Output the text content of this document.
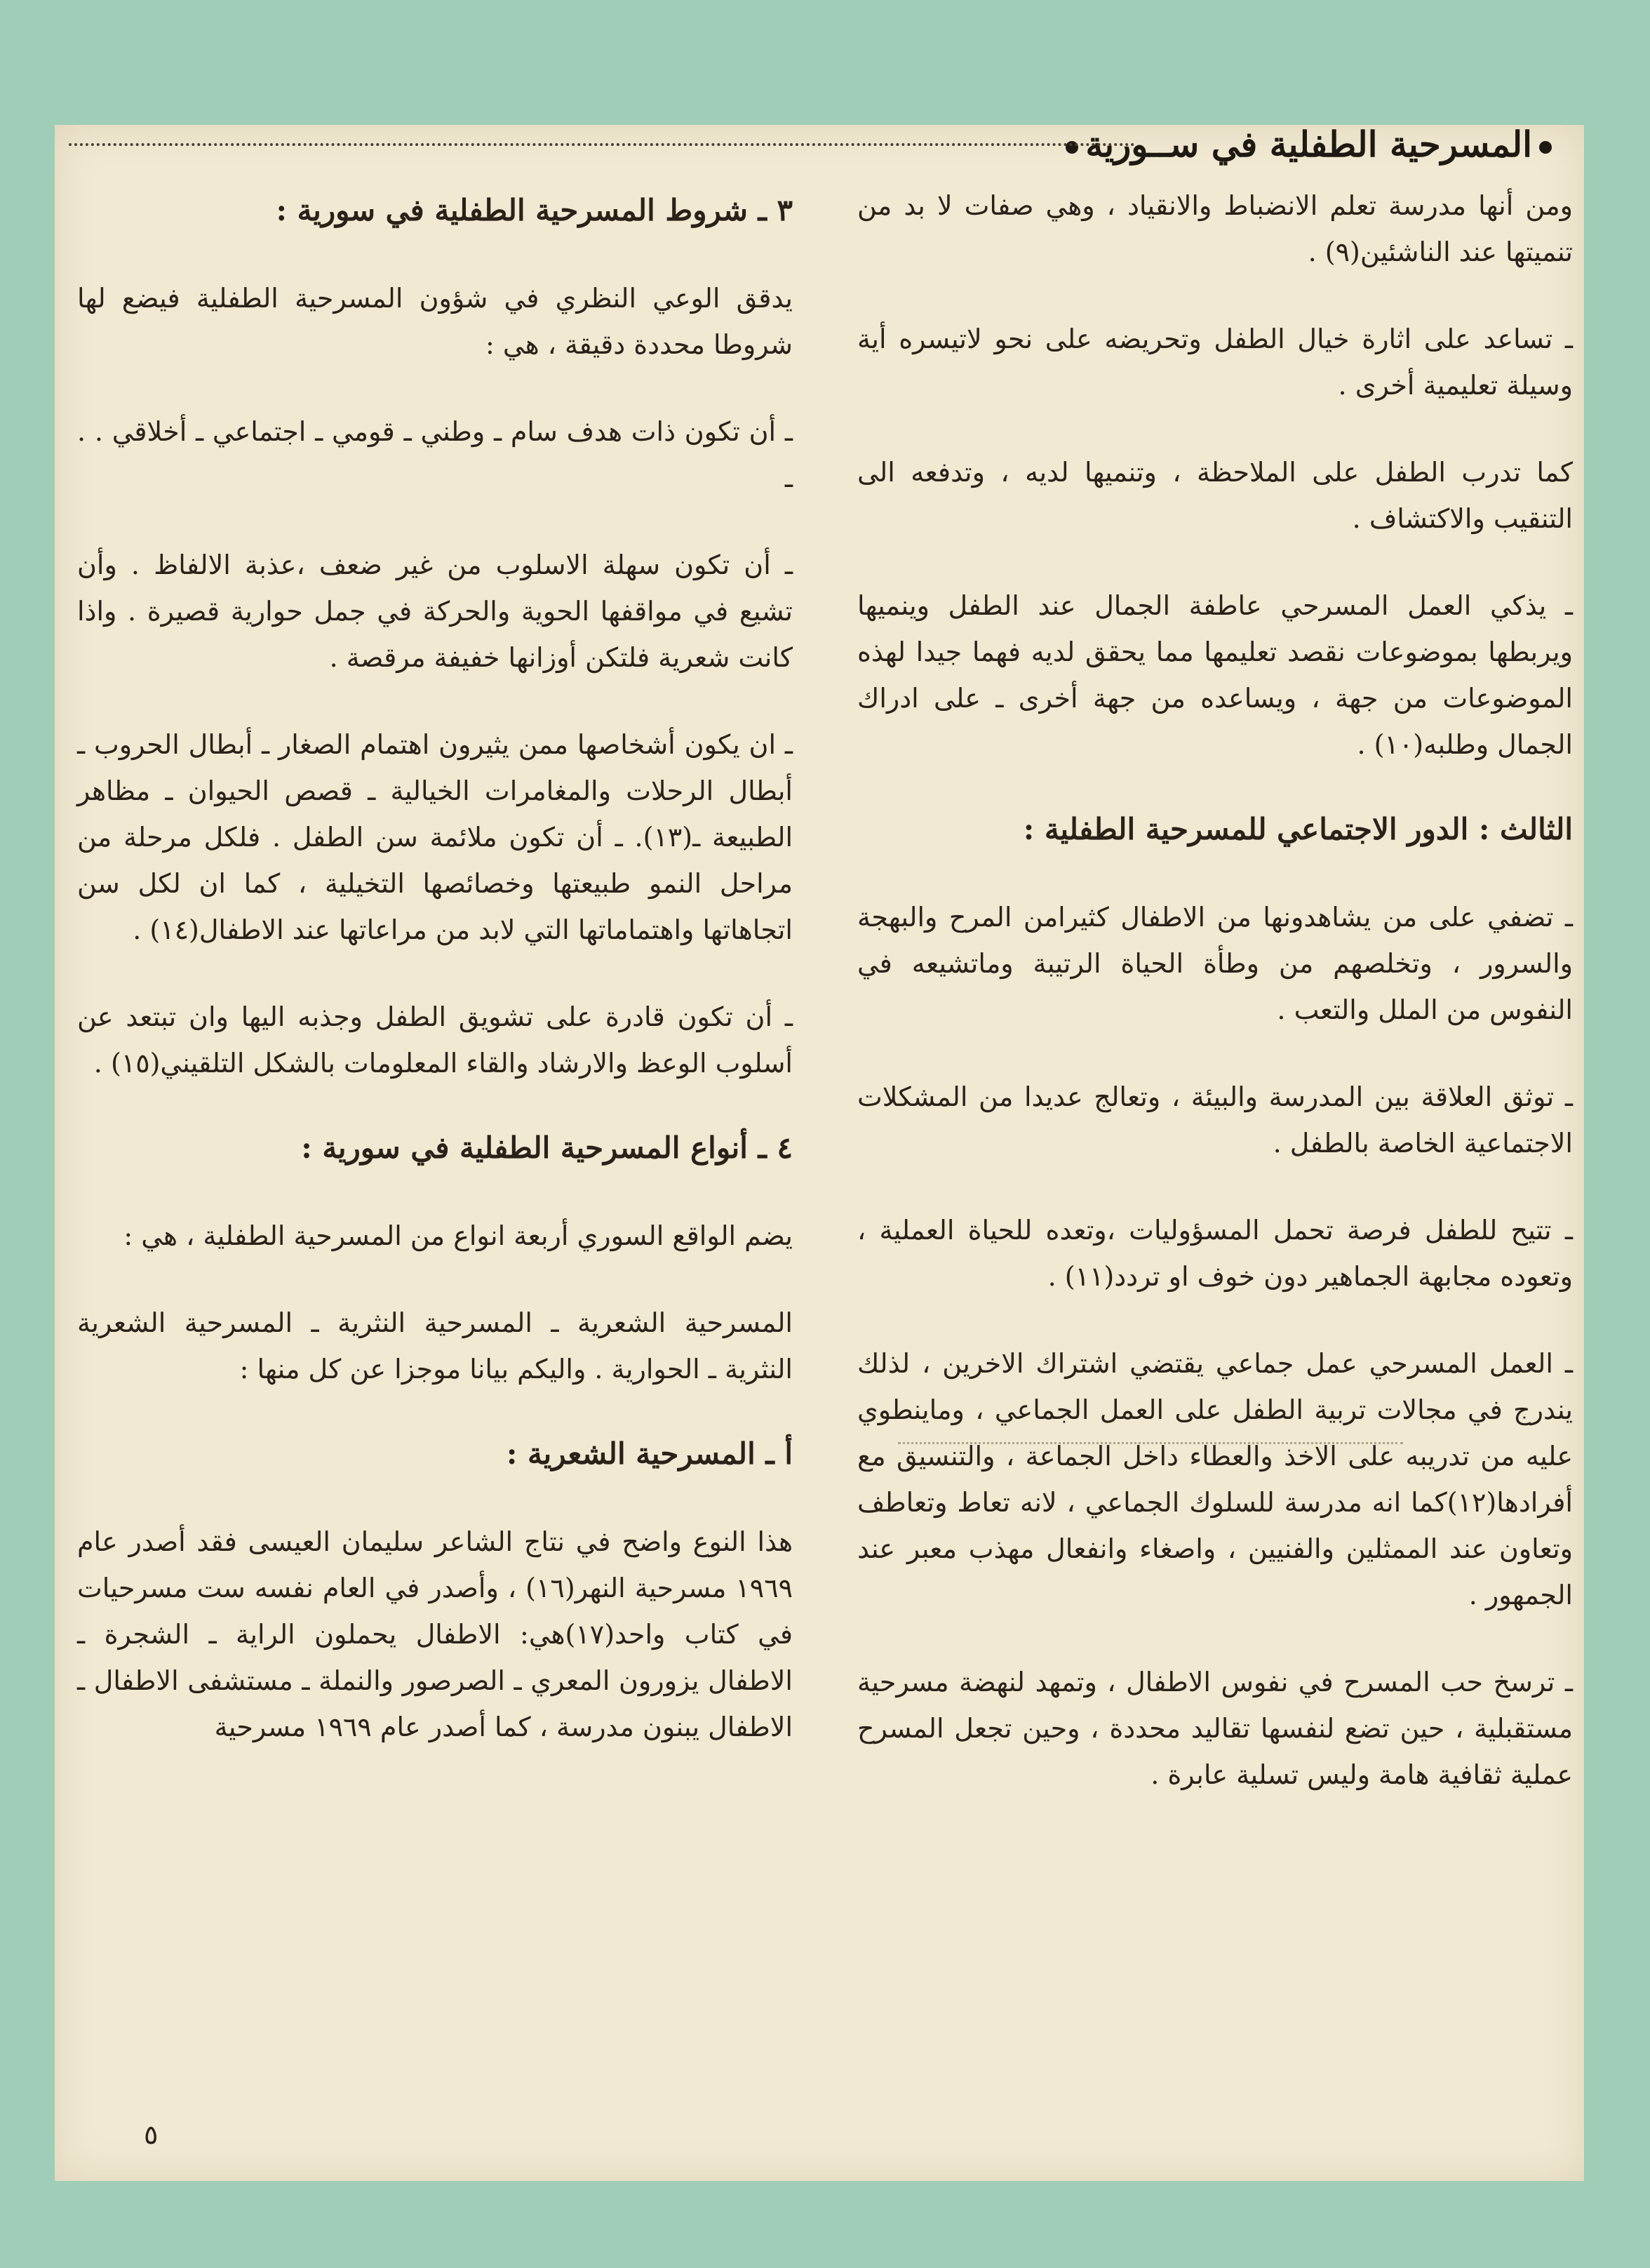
المسرحية الطفلية في ســورية

ومن أنها مدرسة تعلم الانضباط والانقياد ، وهي صفات لا بد من تنميتها عند الناشئين(٩) .

ـ تساعد على اثارة خيال الطفل وتحريضه على نحو لاتيسره أية وسيلة تعليمية أخرى .

كما تدرب الطفل على الملاحظة ، وتنميها لديه ، وتدفعه الى التنقيب والاكتشاف .

ـ يذكي العمل المسرحي عاطفة الجمال عند الطفل وينميها ويربطها بموضوعات نقصد تعليمها مما يحقق لديه فهما جيدا لهذه الموضوعات من جهة ، ويساعده من جهة أخرى ـ على ادراك الجمال وطلبه(١٠) .

الثالث : الدور الاجتماعي للمسرحية الطفلية :

ـ تضفي على من يشاهدونها من الاطفال كثيرامن المرح والبهجة والسرور ، وتخلصهم من وطأة الحياة الرتيبة وماتشيعه في النفوس من الملل والتعب .

ـ توثق العلاقة بين المدرسة والبيئة ، وتعالج عديدا من المشكلات الاجتماعية الخاصة بالطفل .

ـ تتيح للطفل فرصة تحمل المسؤوليات ،وتعده للحياة العملية ، وتعوده مجابهة الجماهير دون خوف او تردد(١١) .

ـ العمل المسرحي عمل جماعي يقتضي اشتراك الاخرين ، لذلك يندرج في مجالات تربية الطفل على العمل الجماعي ، وماينطوي عليه من تدريبه على الاخذ والعطاء داخل الجماعة ، والتنسيق مع أفرادها(١٢)كما انه مدرسة للسلوك الجماعي ، لانه تعاط وتعاطف وتعاون عند الممثلين والفنيين ، واصغاء وانفعال مهذب معبر عند الجمهور .

ـ ترسخ حب المسرح في نفوس الاطفال ، وتمهد لنهضة مسرحية مستقبلية ، حين تضع لنفسها تقاليد محددة ، وحين تجعل المسرح عملية ثقافية هامة وليس تسلية عابرة .

٣ ـ شروط المسرحية الطفلية في سورية :

يدقق الوعي النظري في شؤون المسرحية الطفلية فيضع لها شروطا محددة دقيقة ، هي :

ـ أن تكون ذات هدف سام ـ وطني ـ قومي ـ اجتماعي ـ أخلاقي . . ـ

ـ أن تكون سهلة الاسلوب من غير ضعف ،عذبة الالفاظ . وأن تشيع في مواقفها الحوية والحركة في جمل حوارية قصيرة . واذا كانت شعرية فلتكن أوزانها خفيفة مرقصة .

ـ ان يكون أشخاصها ممن يثيرون اهتمام الصغار ـ أبطال الحروب ـ أبطال الرحلات والمغامرات الخيالية ـ قصص الحيوان ـ مظاهر الطبيعة ـ(١٣). ـ أن تكون ملائمة سن الطفل . فلكل مرحلة من مراحل النمو طبيعتها وخصائصها التخيلية ، كما ان لكل سن اتجاهاتها واهتماماتها التي لابد من مراعاتها عند الاطفال(١٤) .

ـ أن تكون قادرة على تشويق الطفل وجذبه اليها وان تبتعد عن أسلوب الوعظ والارشاد والقاء المعلومات بالشكل التلقيني(١٥) .

٤ ـ أنواع المسرحية الطفلية في سورية :

يضم الواقع السوري أربعة انواع من المسرحية الطفلية ، هي :

المسرحية الشعرية ـ المسرحية النثرية ـ المسرحية الشعرية النثرية ـ الحوارية . واليكم بيانا موجزا عن كل منها :

أ ـ المسرحية الشعرية :

هذا النوع واضح في نتاج الشاعر سليمان العيسى فقد أصدر عام ١٩٦٩ مسرحية النهر(١٦) ، وأصدر في العام نفسه ست مسرحيات في كتاب واحد(١٧)هي: الاطفال يحملون الراية ـ الشجرة ـ الاطفال يزورون المعري ـ الصرصور والنملة ـ مستشفى الاطفال ـ الاطفال يبنون مدرسة ، كما أصدر عام ١٩٦٩ مسرحية

٥
